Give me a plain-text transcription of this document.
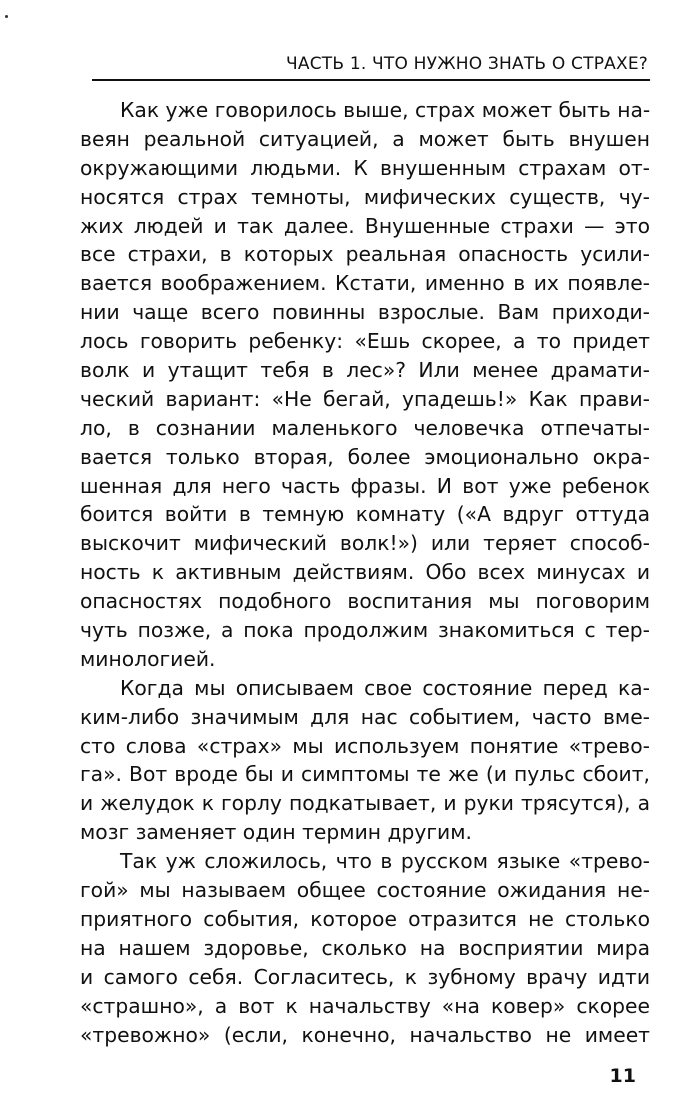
ЧАСТЬ 1. ЧТО НУЖНО ЗНАТЬ О СТРАХЕ?
Как уже говорилось выше, страх может быть на-
веян реальной ситуацией, а может быть внушен
окружающими людьми. К внушенным страхам от-
носятся страх темноты, мифических существ, чу-
жих людей и так далее. Внушенные страхи — это
все страхи, в которых реальная опасность усили-
вается воображением. Кстати, именно в их появле-
нии чаще всего повинны взрослые. Вам приходи-
лось говорить ребенку: «Ешь скорее, а то придет
волк и утащит тебя в лес»? Или менее драмати-
ческий вариант: «Не бегай, упадешь!» Как прави-
ло, в сознании маленького человечка отпечаты-
вается только вторая, более эмоционально окра-
шенная для него часть фразы. И вот уже ребенок
боится войти в темную комнату («А вдруг оттуда
выскочит мифический волк!») или теряет способ-
ность к активным действиям. Обо всех минусах и
опасностях подобного воспитания мы поговорим
чуть позже, а пока продолжим знакомиться с тер-
минологией.
Когда мы описываем свое состояние перед ка-
ким-либо значимым для нас событием, часто вме-
сто слова «страх» мы используем понятие «трево-
га». Вот вроде бы и симптомы те же (и пульс сбоит,
и желудок к горлу подкатывает, и руки трясутся), а
мозг заменяет один термин другим.
Так уж сложилось, что в русском языке «трево-
гой» мы называем общее состояние ожидания не-
приятного события, которое отразится не столько
на нашем здоровье, сколько на восприятии мира
и самого себя. Согласитесь, к зубному врачу идти
«страшно», а вот к начальству «на ковер» скорее
«тревожно» (если, конечно, начальство не имеет
11
